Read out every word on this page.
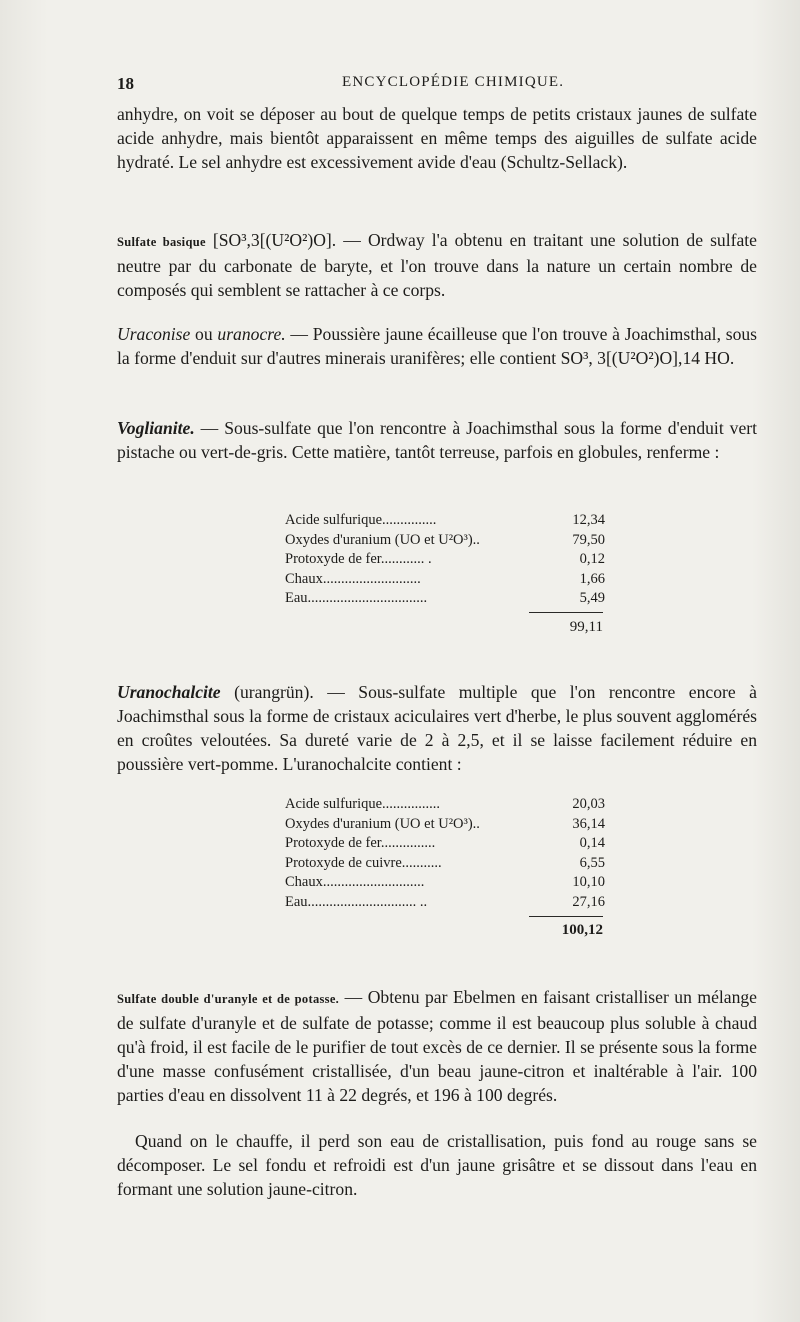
18	ENCYCLOPÉDIE CHIMIQUE.
anhydre, on voit se déposer au bout de quelque temps de petits cristaux jaunes de sulfate acide anhydre, mais bientôt apparaissent en même temps des aiguilles de sulfate acide hydraté. Le sel anhydre est excessivement avide d'eau (Schultz-Sellack).
Sulfate basique [SO³,3[(U²O²)O]. — Ordway l'a obtenu en traitant une solution de sulfate neutre par du carbonate de baryte, et l'on trouve dans la nature un certain nombre de composés qui semblent se rattacher à ce corps.
Uraconise ou uranocre. — Poussière jaune écailleuse que l'on trouve à Joachimsthal, sous la forme d'enduit sur d'autres minerais uranifères; elle contient SO³, 3[(U²O²)O],14 HO.
Voglianite. — Sous-sulfate que l'on rencontre à Joachimsthal sous la forme d'enduit vert pistache ou vert-de-gris. Cette matière, tantôt terreuse, parfois en globules, renferme :
Acide sulfurique...............	12,34
Oxydes d'uranium (UO et U²O³)..	79,50
Protoxyde de fer............ .	0,12
Chaux...........................	1,66
Eau.................................	5,49
99,11
Uranochalcite (urangrün). — Sous-sulfate multiple que l'on rencontre encore à Joachimsthal sous la forme de cristaux aciculaires vert d'herbe, le plus souvent agglomérés en croûtes veloutées. Sa dureté varie de 2 à 2,5, et il se laisse facilement réduire en poussière vert-pomme. L'uranochalcite contient :
Acide sulfurique................	20,03
Oxydes d'uranium (UO et U²O³)..	36,14
Protoxyde de fer...............	0,14
Protoxyde de cuivre...........	6,55
Chaux............................	10,10
Eau.............................. ..	27,16
100,12
Sulfate double d'uranyle et de potasse. — Obtenu par Ebelmen en faisant cristalliser un mélange de sulfate d'uranyle et de sulfate de potasse; comme il est beaucoup plus soluble à chaud qu'à froid, il est facile de le purifier de tout excès de ce dernier. Il se présente sous la forme d'une masse confusément cristallisée, d'un beau jaune-citron et inaltérable à l'air. 100 parties d'eau en dissolvent 11 à 22 degrés, et 196 à 100 degrés.
Quand on le chauffe, il perd son eau de cristallisation, puis fond au rouge sans se décomposer. Le sel fondu et refroidi est d'un jaune grisâtre et se dissout dans l'eau en formant une solution jaune-citron.
